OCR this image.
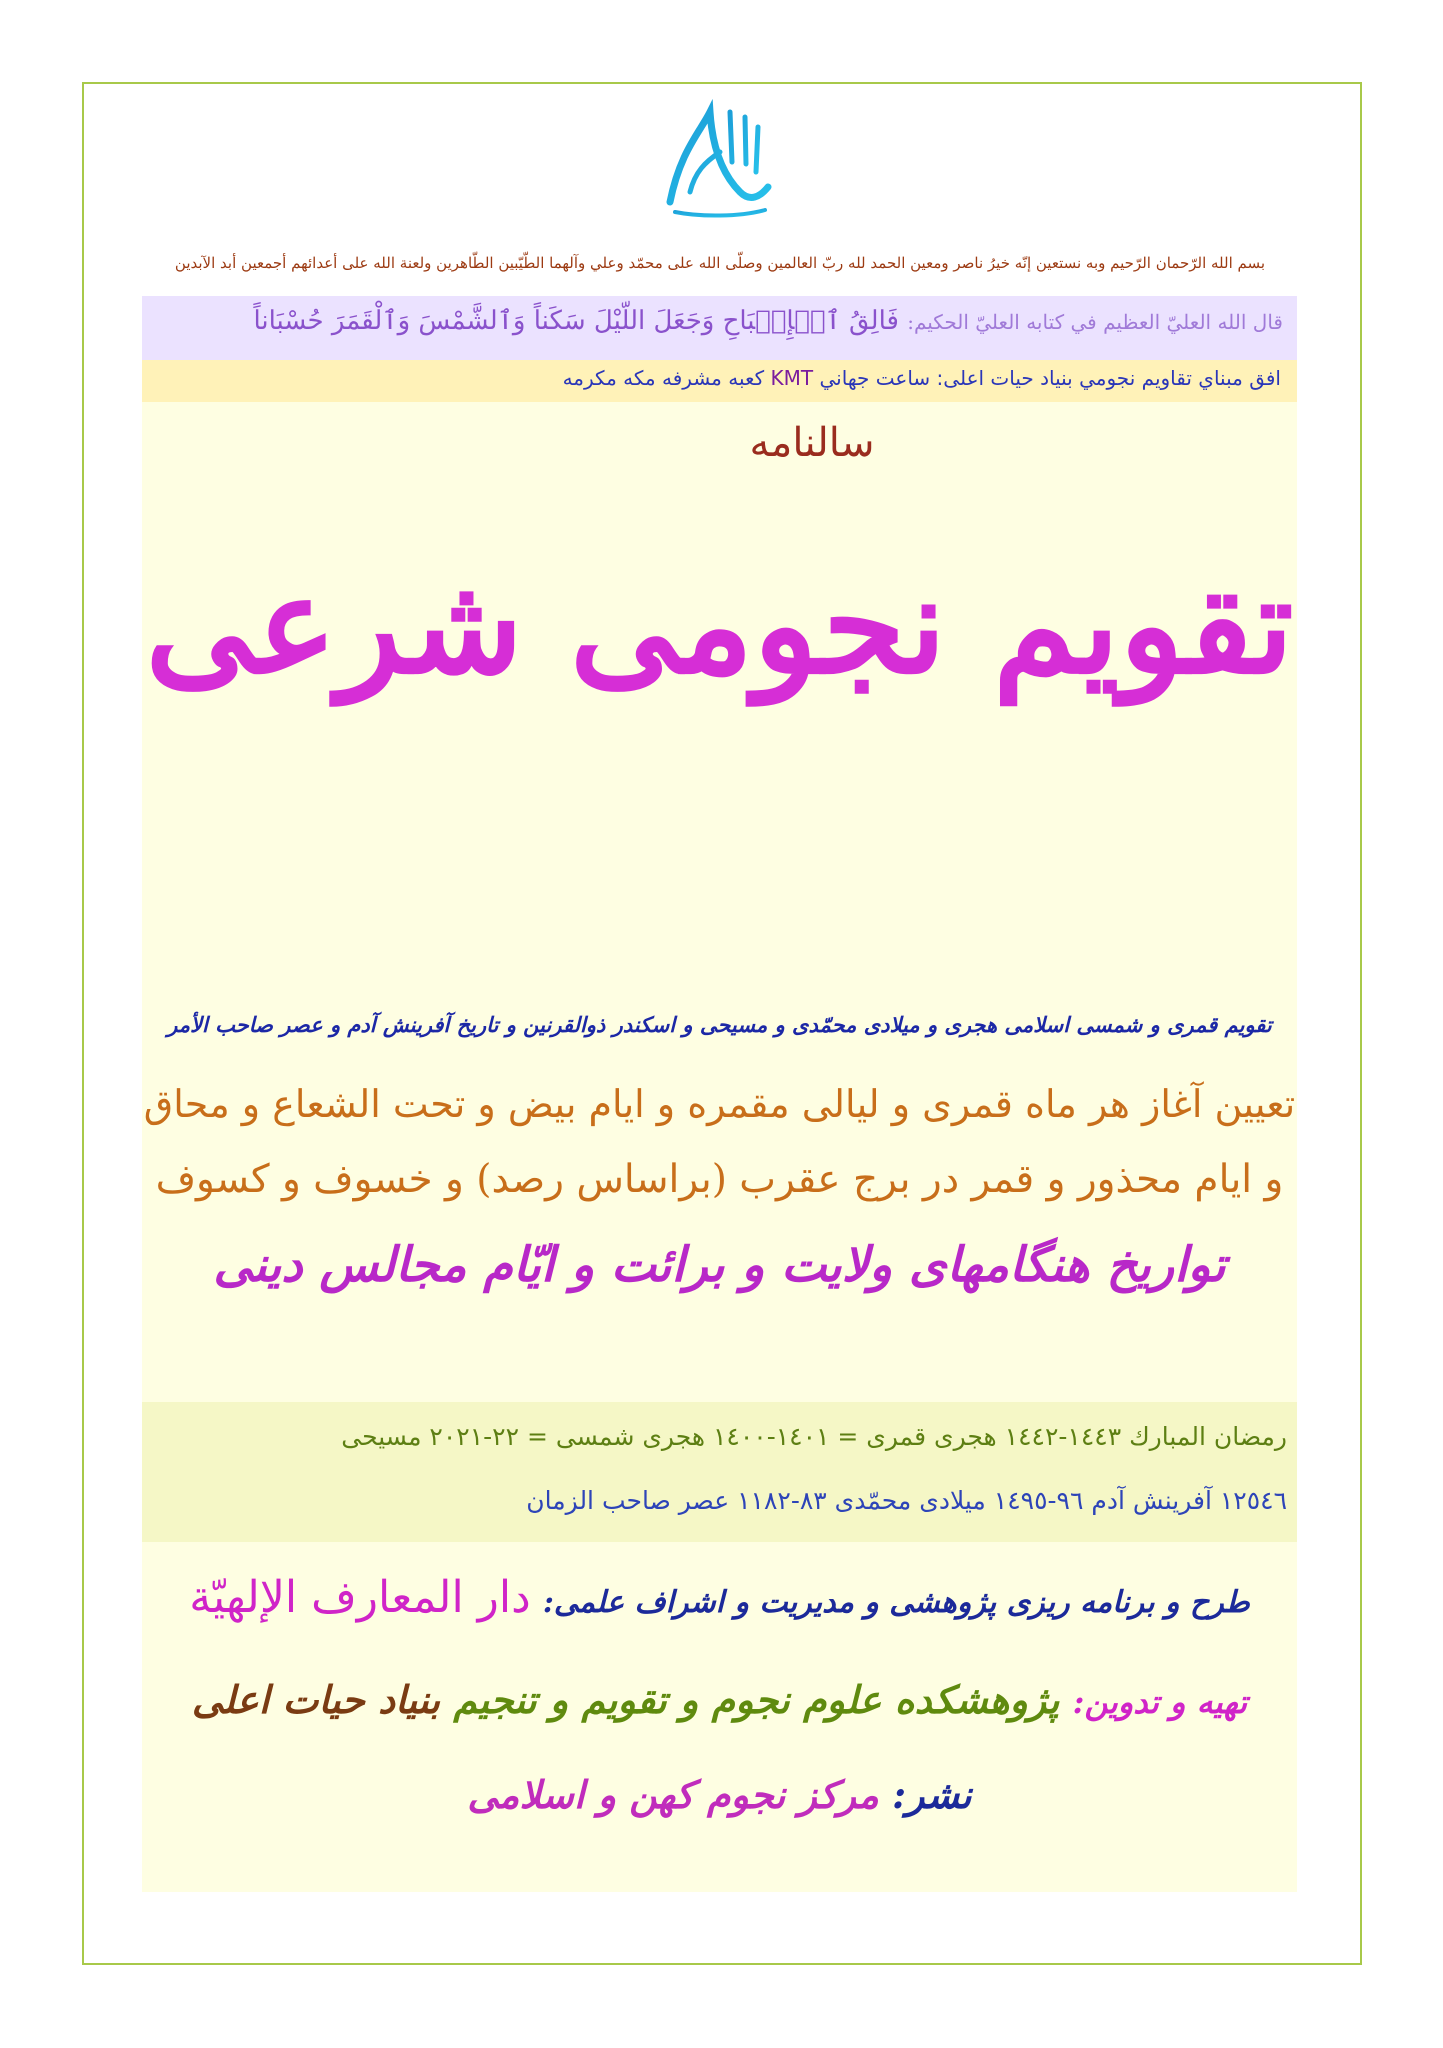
بسم الله الرّحمان الرّحيم وبه نستعين إنّه خيرُ ناصر ومعين الحمد لله ربّ العالمين وصلّى الله على محمّد وعلي وآلهما الطّيّبين الطّاهرين ولعنة الله على أعدائهم أجمعين أبد الآبدين
قال الله العليّ العظيم في كتابه العليّ الحكيم: فَالِقُ ٱلۡإِصۡبَاحِ وَجَعَلَ اللّيْلَ سَكَناً وَٱلشَّمْسَ وَٱلْقَمَرَ حُسْبَاناً
افق مبناي تقاويم نجومي بنياد حيات اعلى: ساعت جهاني KMT كعبه مشرفه مكه مكرمه
سالنامه
تقویم نجومی شرعی
تقويم قمری و شمسی اسلامی هجری و ميلادی محمّدی و مسيحی و اسكندر ذوالقرنين و تاريخ آفرينش آدم و عصر صاحب الأمر
تعيين آغاز هر ماه قمری و ليالی مقمره و ايام بيض و تحت الشعاع و محاق
و ايام محذور و قمر در برج عقرب (براساس رصد) و خسوف و كسوف
تواريخ هنگامهای ولايت و برائت و ايّام مجالس دينی
رمضان المبارك ١٤٤٣-١٤٤٢ هجری قمری = ١٤٠١-١٤٠٠ هجری شمسی = ٢٢-٢٠٢١ مسيحی
١٢٥٤٦ آفرينش آدم ٩٦-١٤٩٥ ميلادی محمّدی ٨٣-١١٨٢ عصر صاحب الزمان
طرح و برنامه ریزی پژوهشی و مدیریت و اشراف علمی: دار المعارف الإلهيّة
تهیه و تدوین: پژوهشکده علوم نجوم و تقویم و تنجیم بنیاد حیات اعلی
نشر: مرکز نجوم کهن و اسلامی
